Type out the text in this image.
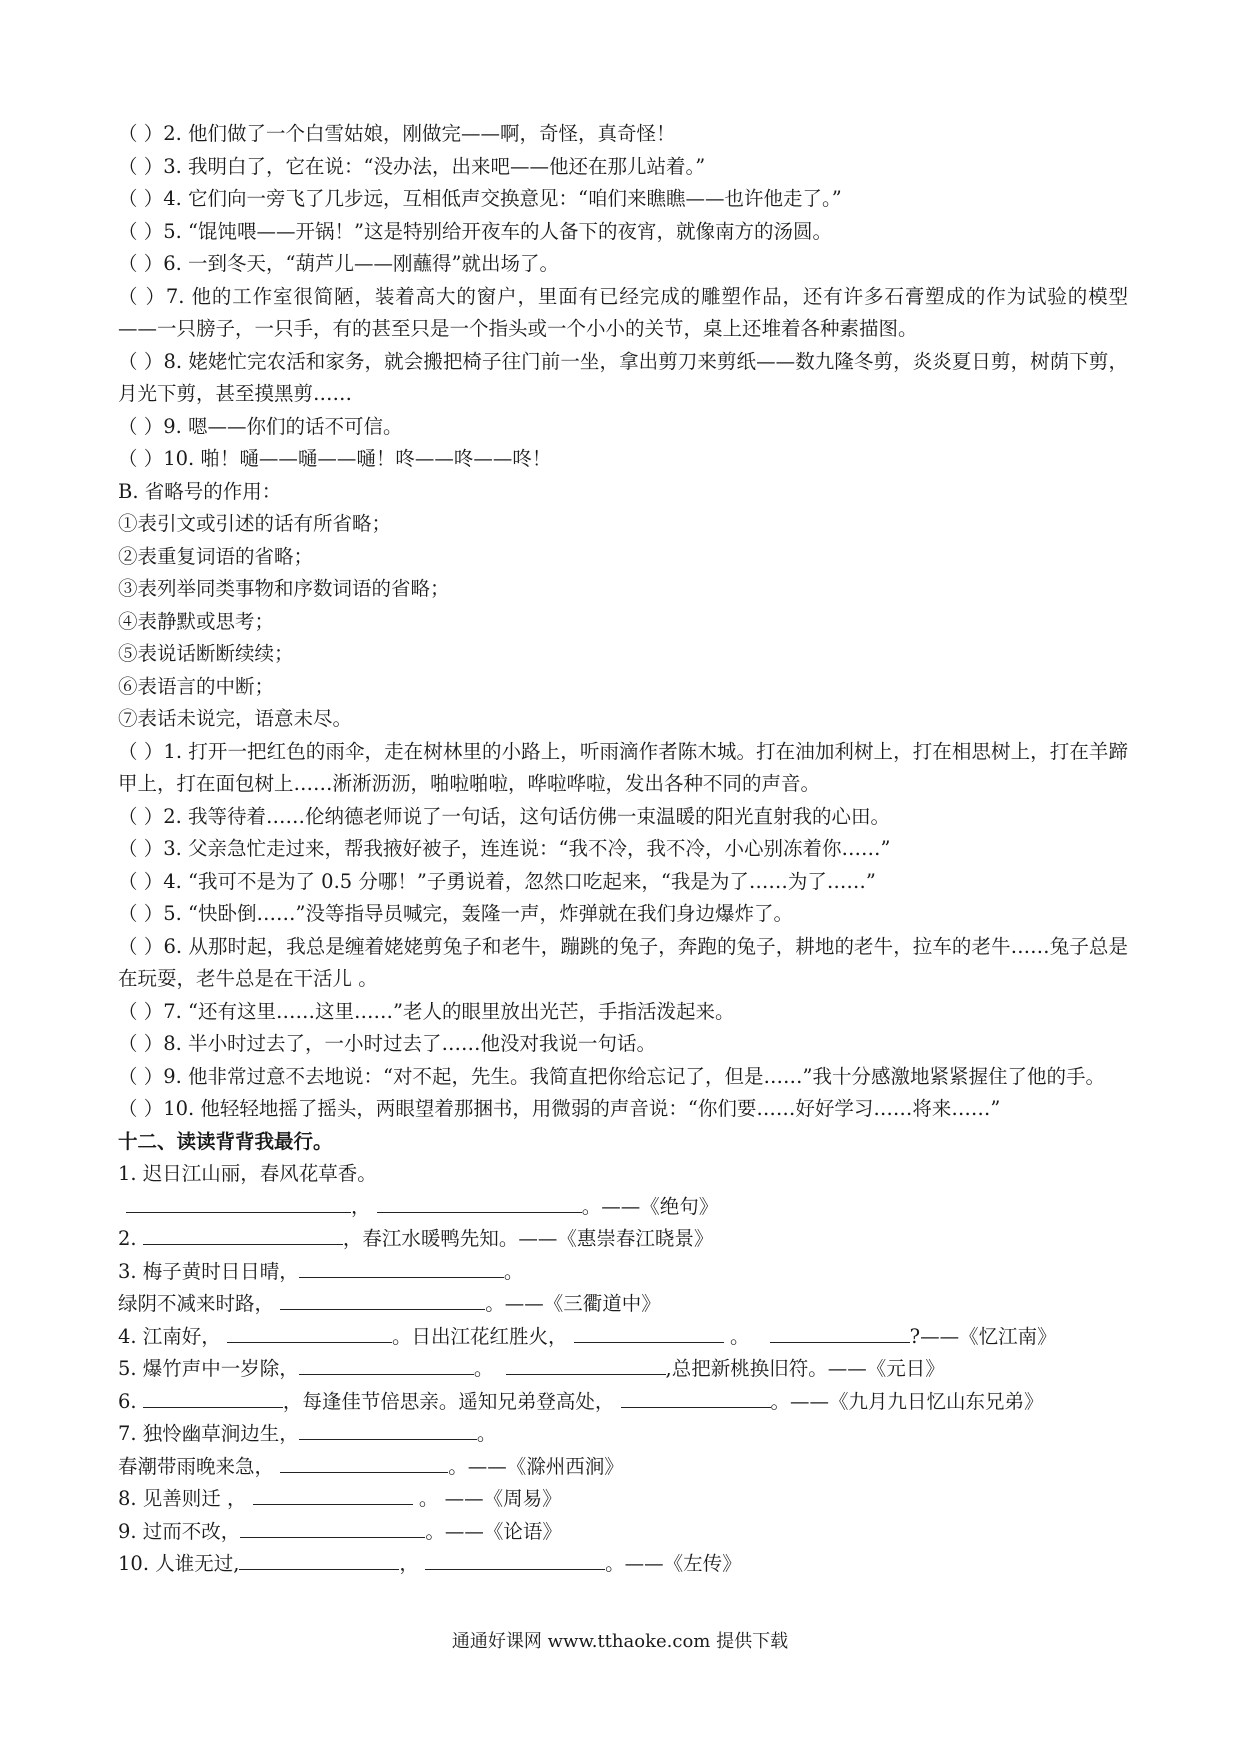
（ ）2. 他们做了一个白雪姑娘，刚做完——啊，奇怪，真奇怪！
（ ）3. 我明白了，它在说：“没办法，出来吧——他还在那儿站着。”
（ ）4. 它们向一旁飞了几步远，互相低声交换意见：“咱们来瞧瞧——也许他走了。”
（ ）5. “馄饨喂——开锅！”这是特别给开夜车的人备下的夜宵，就像南方的汤圆。
（ ）6. 一到冬天，“葫芦儿——刚蘸得”就出场了。
（ ）7. 他的工作室很简陋，装着高大的窗户，里面有已经完成的雕塑作品，还有许多石膏塑成的作为试验的模型 ——一只膀子，一只手，有的甚至只是一个指头或一个小小的关节，桌上还堆着各种素描图。
（ ）8. 姥姥忙完农活和家务，就会搬把椅子往门前一坐，拿出剪刀来剪纸——数九隆冬剪，炎炎夏日剪，树荫下剪，月光下剪，甚至摸黑剪……
（ ）9. 嗯——你们的话不可信。
（ ）10. 啪！嗵——嗵——嗵！咚——咚——咚！
B. 省略号的作用：
①表引文或引述的话有所省略；
②表重复词语的省略；
③表列举同类事物和序数词语的省略；
④表静默或思考；
⑤表说话断断续续；
⑥表语言的中断；
⑦表话未说完，语意未尽。
（ ）1. 打开一把红色的雨伞，走在树林里的小路上，听雨滴作者陈木城。打在油加利树上，打在相思树上，打在羊蹄甲上，打在面包树上……淅淅沥沥，啪啦啪啦，哗啦哗啦，发出各种不同的声音。
（ ）2. 我等待着……伦纳德老师说了一句话，这句话仿佛一束温暖的阳光直射我的心田。
（ ）3. 父亲急忙走过来，帮我掖好被子，连连说：“我不冷，我不冷，小心别冻着你……”
（ ）4. “我可不是为了 0.5 分哪！”子勇说着，忽然口吃起来，“我是为了……为了……”
（ ）5. “快卧倒……”没等指导员喊完，轰隆一声，炸弹就在我们身边爆炸了。
（ ）6. 从那时起，我总是缠着姥姥剪兔子和老牛，蹦跳的兔子，奔跑的兔子，耕地的老牛，拉车的老牛……兔子总是在玩耍，老牛总是在干活儿 。
（ ）7. “还有这里……这里……”老人的眼里放出光芒，手指活泼起来。
（ ）8. 半小时过去了，一小时过去了……他没对我说一句话。
（ ）9. 他非常过意不去地说：“对不起，先生。我简直把你给忘记了，但是……”我十分感激地紧紧握住了他的手。
（ ）10. 他轻轻地摇了摇头，两眼望着那捆书，用微弱的声音说：“你们要……好好学习……将来……”
十二、读读背背我最行。
1. 迟日江山丽，春风花草香。
，	。——《绝句》
2.	，春江水暖鸭先知。——《惠崇春江晓景》
3. 梅子黄时日日晴，	。
绿阴不减来时路，	。——《三衢道中》
4. 江南好，	。日出江花红胜火，	。	?——《忆江南》
5. 爆竹声中一岁除，	。	,总把新桃换旧符。——《元日》
6.	，每逢佳节倍思亲。遥知兄弟登高处，	。——《九月九日忆山东兄弟》
7. 独怜幽草涧边生，	。
春潮带雨晚来急，	。——《滁州西涧》
8. 见善则迁 ，	。 ——《周易》
9. 过而不改，	。——《论语》
10. 人谁无过,	，	。——《左传》
通通好课网 www.tthaoke.com 提供下载
